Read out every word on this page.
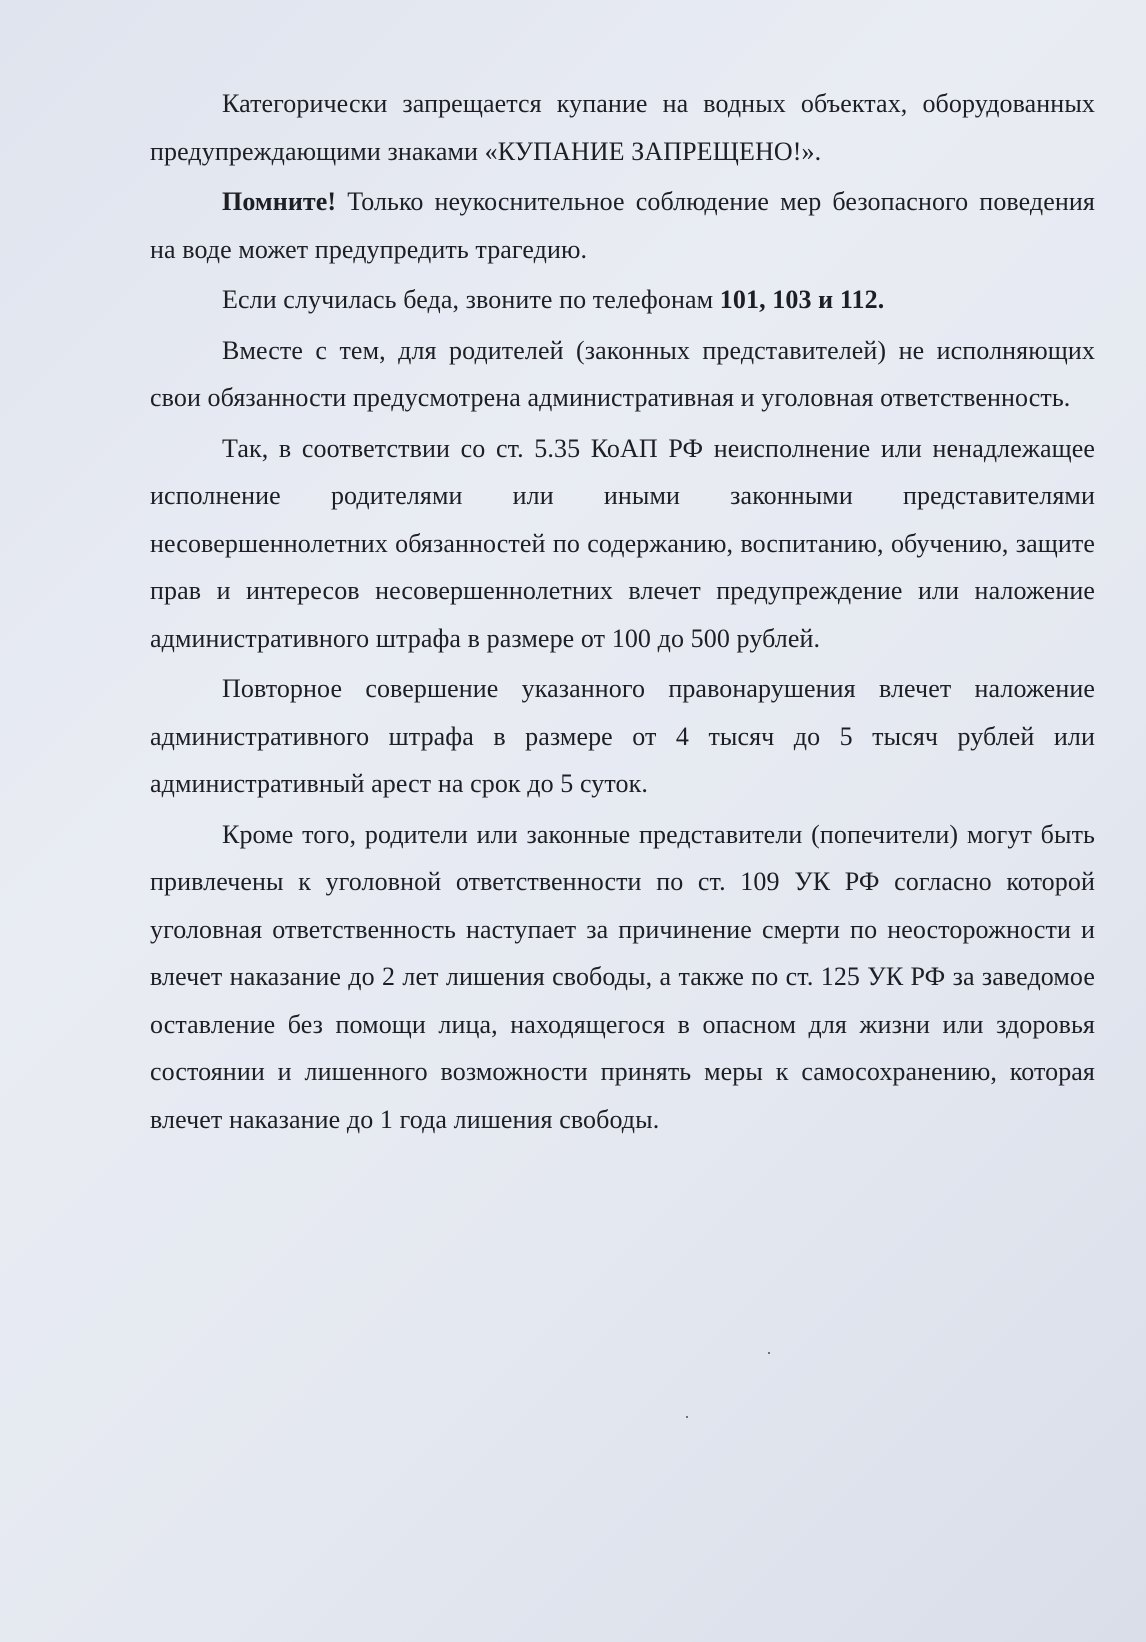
Категорически запрещается купание на водных объектах, оборудованных предупреждающими знаками «КУПАНИЕ ЗАПРЕЩЕНО!».

Помните! Только неукоснительное соблюдение мер безопасного поведения на воде может предупредить трагедию.

Если случилась беда, звоните по телефонам 101, 103 и 112.

Вместе с тем, для родителей (законных представителей) не исполняющих свои обязанности предусмотрена административная и уголовная ответственность.

Так, в соответствии со ст. 5.35 КоАП РФ неисполнение или ненадлежащее исполнение родителями или иными законными представителями несовершеннолетних обязанностей по содержанию, воспитанию, обучению, защите прав и интересов несовершеннолетних влечет предупреждение или наложение административного штрафа в размере от 100 до 500 рублей.

Повторное совершение указанного правонарушения влечет наложение административного штрафа в размере от 4 тысяч до 5 тысяч рублей или административный арест на срок до 5 суток.

Кроме того, родители или законные представители (попечители) могут быть привлечены к уголовной ответственности по ст. 109 УК РФ согласно которой уголовная ответственность наступает за причинение смерти по неосторожности и влечет наказание до 2 лет лишения свободы, а также по ст. 125 УК РФ за заведомое оставление без помощи лица, находящегося в опасном для жизни или здоровья состоянии и лишенного возможности принять меры к самосохранению, которая влечет наказание до 1 года лишения свободы.
